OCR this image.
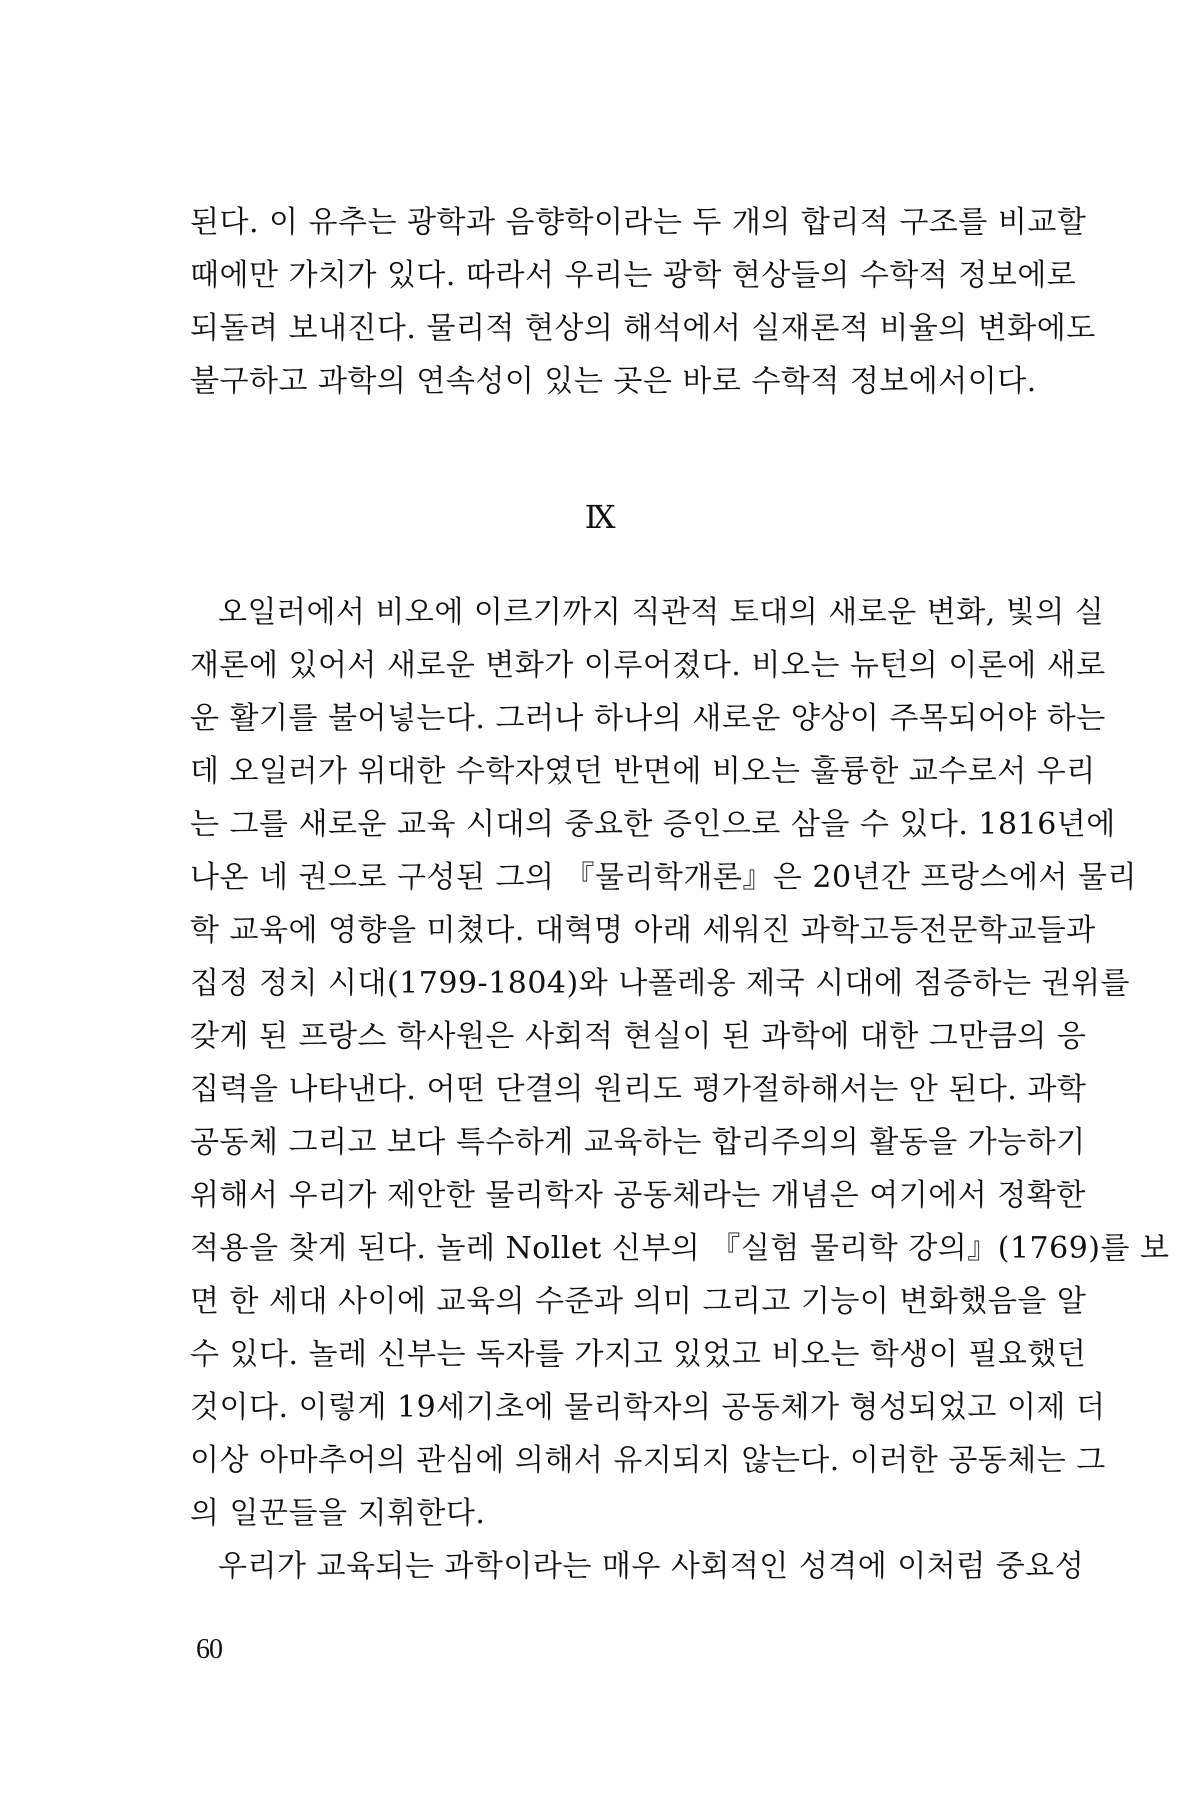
된다. 이 유추는 광학과 음향학이라는 두 개의 합리적 구조를 비교할
때에만 가치가 있다. 따라서 우리는 광학 현상들의 수학적 정보에로
되돌려 보내진다. 물리적 현상의 해석에서 실재론적 비율의 변화에도
불구하고 과학의 연속성이 있는 곳은 바로 수학적 정보에서이다.
Ⅸ
오일러에서 비오에 이르기까지 직관적 토대의 새로운 변화, 빛의 실
재론에 있어서 새로운 변화가 이루어졌다. 비오는 뉴턴의 이론에 새로
운 활기를 불어넣는다. 그러나 하나의 새로운 양상이 주목되어야 하는
데 오일러가 위대한 수학자였던 반면에 비오는 훌륭한 교수로서 우리
는 그를 새로운 교육 시대의 중요한 증인으로 삼을 수 있다. 1816년에
나온 네 권으로 구성된 그의 『물리학개론』은 20년간 프랑스에서 물리
학 교육에 영향을 미쳤다. 대혁명 아래 세워진 과학고등전문학교들과
집정 정치 시대(1799-1804)와 나폴레옹 제국 시대에 점증하는 권위를
갖게 된 프랑스 학사원은 사회적 현실이 된 과학에 대한 그만큼의 응
집력을 나타낸다. 어떤 단결의 원리도 평가절하해서는 안 된다. 과학
공동체 그리고 보다 특수하게 교육하는 합리주의의 활동을 가능하기
위해서 우리가 제안한 물리학자 공동체라는 개념은 여기에서 정확한
적용을 찾게 된다. 놀레 Nollet 신부의 『실험 물리학 강의』(1769)를 보
면 한 세대 사이에 교육의 수준과 의미 그리고 기능이 변화했음을 알
수 있다. 놀레 신부는 독자를 가지고 있었고 비오는 학생이 필요했던
것이다. 이렇게 19세기초에 물리학자의 공동체가 형성되었고 이제 더
이상 아마추어의 관심에 의해서 유지되지 않는다. 이러한 공동체는 그
의 일꾼들을 지휘한다.
우리가 교육되는 과학이라는 매우 사회적인 성격에 이처럼 중요성
60
